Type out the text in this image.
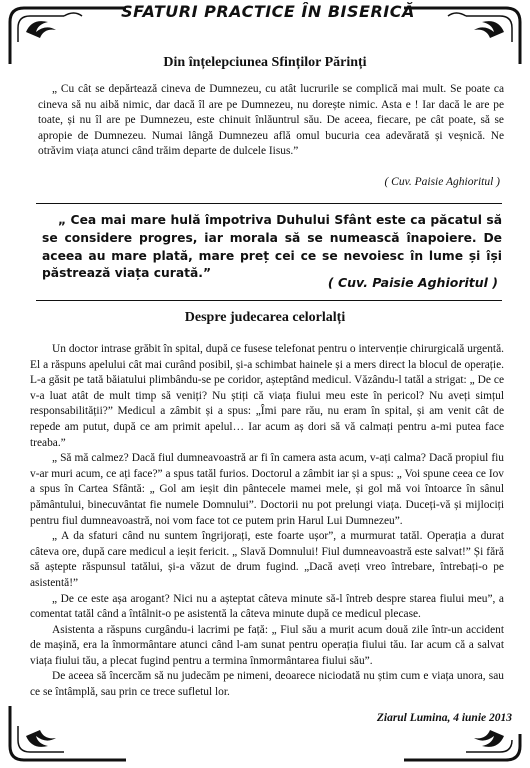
SFATURI PRACTICE ÎN BISERICĂ
Din înțelepciunea Sfinților Părinți
„ Cu cât se depărtează cineva de Dumnezeu, cu atât lucrurile se complică mai mult. Se poate ca cineva să nu aibă nimic, dar dacă îl are pe Dumnezeu, nu dorește nimic. Asta e ! Iar dacă le are pe toate, și nu îl are pe Dumnezeu, este chinuit înlăuntrul său. De aceea, fiecare, pe cât poate, să se apropie de Dumnezeu. Numai lângă Dumnezeu află omul bucuria cea adevărată și veșnică. Ne otrăvim viața atunci când trăim departe de dulcele Iisus.”
( Cuv. Paisie Aghioritul )
„ Cea mai mare hulă împotriva Duhului Sfânt este ca păcatul să se considere progres, iar morala să se numească înapoiere. De aceea au mare plată, mare preț cei ce se nevoiesc în lume și își păstrează viața curată.”
( Cuv. Paisie Aghioritul )
Despre judecarea celorlalți

Un doctor intrase grăbit în spital, după ce fusese telefonat pentru o intervenție chirurgicală urgentă. El a răspuns apelului cât mai curând posibil, și-a schimbat hainele și a mers direct la blocul de operație. L-a găsit pe tată băiatului plimbându-se pe coridor, așteptând medicul. Văzându-l tatăl a strigat: „ De ce v-a luat atât de mult timp să veniți? Nu știți că viața fiului meu este în pericol? Nu aveți simțul responsabilității?” Medicul a zâmbit și a spus: „Îmi pare rău, nu eram în spital, și am venit cât de repede am putut, după ce am primit apelul… Iar acum aș dori să vă calmați pentru a-mi putea face treaba.”

„ Să mă calmez? Dacă fiul dumneavoastră ar fi în camera asta acum, v-ați calma? Dacă propiul fiu v-ar muri acum, ce ați face?” a spus tatăl furios. Doctorul a zâmbit iar și a spus: „ Voi spune ceea ce Iov a spus în Cartea Sfântă: „ Gol am ieșit din pântecele mamei mele, și gol mă voi întoarce în sânul pământului, binecuvântat fie numele Domnului”. Doctorii nu pot prelungi viața. Duceți-vă și mijlociți pentru fiul dumneavoastră, noi vom face tot ce putem prin Harul Lui Dumnezeu”.

„ A da sfaturi când nu suntem îngrijorați, este foarte ușor”, a murmurat tatăl. Operația a durat câteva ore, după care medicul a ieșit fericit. „ Slavă Domnului! Fiul dumneavoastră este salvat!” Și fără să aștepte răspunsul tatălui, și-a văzut de drum fugind. „Dacă aveți vreo întrebare, întrebați-o pe asistentă!”

„ De ce este așa arogant? Nici nu a așteptat câteva minute să-l întreb despre starea fiului meu”, a comentat tatăl când a întâlnit-o pe asistentă la câteva minute după ce medicul plecase.

Asistenta a răspuns curgându-i lacrimi pe față: „ Fiul său a murit acum două zile într-un accident de mașină, era la înmormântare atunci când l-am sunat pentru operația fiului tău. Iar acum că a salvat viața fiului tău, a plecat fugind pentru a termina înmormântarea fiului său”.

De aceea să încercăm să nu judecăm pe nimeni, deoarece niciodată nu știm cum e viața unora, sau ce se întâmplă, sau prin ce trece sufletul lor.

Ziarul Lumina, 4 iunie 2013
